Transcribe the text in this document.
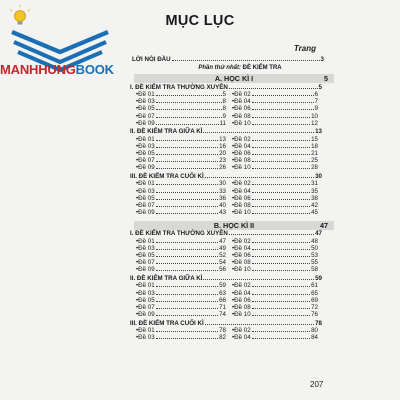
MANHHUNGBOOK
MỤC LỤC
Trang
LỜI NÓI ĐẦU	3
Phần thứ nhất: ĐỀ KIỂM TRA
A. HỌC KÌ I	5
I. ĐỀ KIỂM TRA THƯỜNG XUYÊN	5
• Đề 01	5 • Đề 02	6
• Đề 03	8 • Đề 04	7
• Đề 05	8 • Đề 06	9
• Đề 07	9 • Đề 08	10
• Đề 09	11 • Đề 10	12
II. ĐỀ KIỂM TRA GIỮA KÌ	13
• Đề 01	13 • Đề 02	15
• Đề 03	16 • Đề 04	18
• Đề 05	20 • Đề 06	21
• Đề 07	23 • Đề 08	25
• Đề 09	26 • Đề 10	28
III. ĐỀ KIỂM TRA CUỐI KÌ	30
• Đề 01	30 • Đề 02	31
• Đề 03	33 • Đề 04	35
• Đề 05	36 • Đề 06	38
• Đề 07	40 • Đề 08	42
• Đề 09	43 • Đề 10	45
B. HỌC KÌ II	47
I. ĐỀ KIỂM TRA THƯỜNG XUYÊN	47
• Đề 01	47 • Đề 02	48
• Đề 03	49 • Đề 04	50
• Đề 05	52 • Đề 06	53
• Đề 07	54 • Đề 08	55
• Đề 09	56 • Đề 10	58
II. ĐỀ KIỂM TRA GIỮA KÌ	59
• Đề 01	59 • Đề 02	61
• Đề 03	63 • Đề 04	65
• Đề 05	66 • Đề 06	69
• Đề 07	71 • Đề 08	72
• Đề 09	74 • Đề 10	76
III. ĐỀ KIỂM TRA CUỐI KÌ	78
• Đề 01	78 • Đề 02	80
• Đề 03	82 • Đề 04	84
207
